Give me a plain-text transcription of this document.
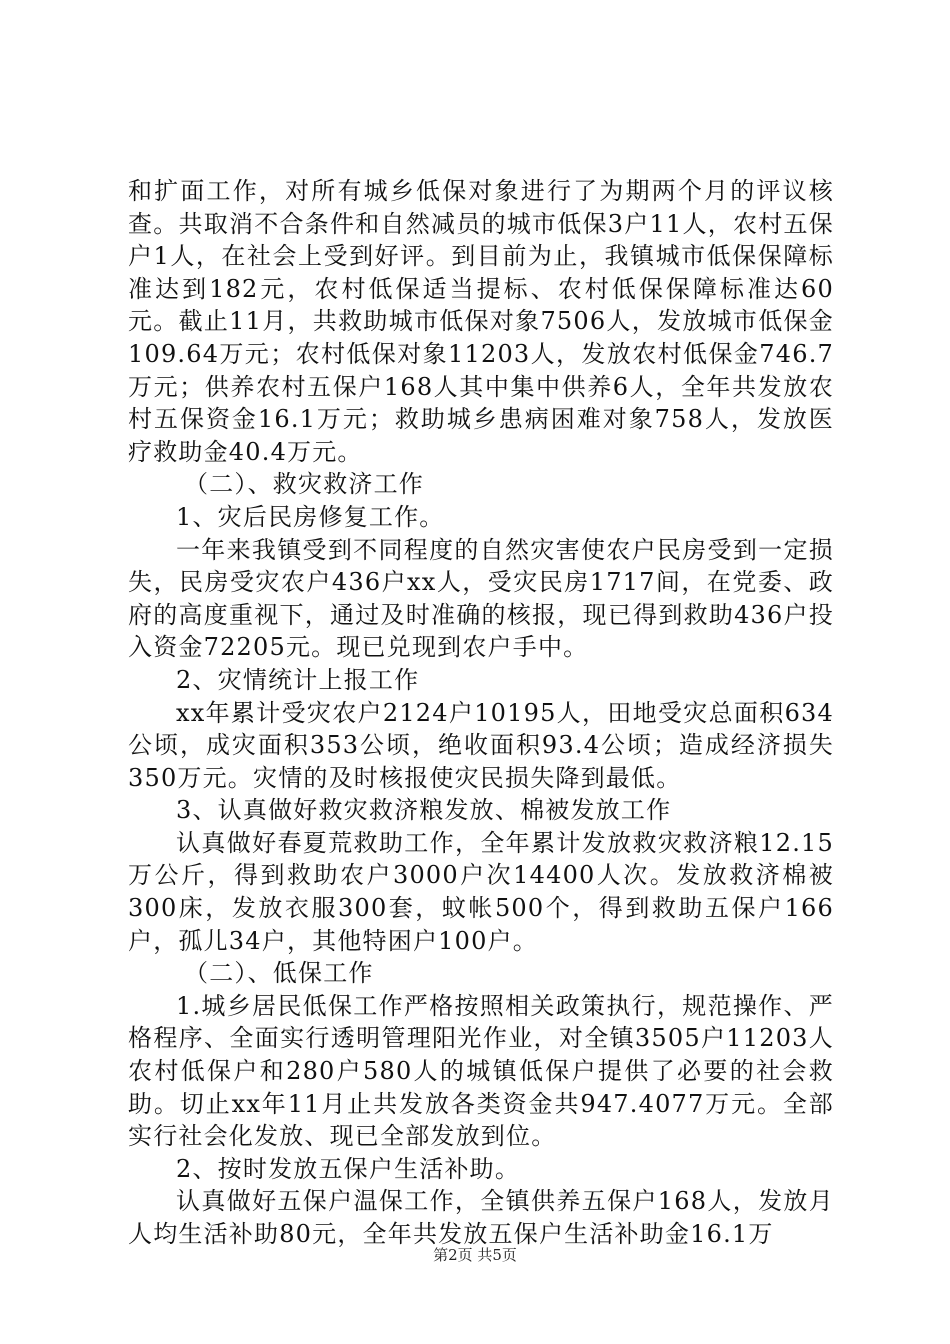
和扩面工作，对所有城乡低保对象进行了为期两个月的评议核查。共取消不合条件和自然减员的城市低保3户11人，农村五保户1人，在社会上受到好评。到目前为止，我镇城市低保保障标准达到182元，农村低保适当提标、农村低保保障标准达60元。截止11月，共救助城市低保对象7506人，发放城市低保金109.64万元；农村低保对象11203人，发放农村低保金746.7万元；供养农村五保户168人其中集中供养6人，全年共发放农村五保资金16.1万元；救助城乡患病困难对象758人，发放医疗救助金40.4万元。

（二）、救灾救济工作

1、灾后民房修复工作。

一年来我镇受到不同程度的自然灾害使农户民房受到一定损失，民房受灾农户436户xx人，受灾民房1717间，在党委、政府的高度重视下，通过及时准确的核报，现已得到救助436户投入资金72205元。现已兑现到农户手中。

2、灾情统计上报工作

xx年累计受灾农户2124户10195人，田地受灾总面积634公顷，成灾面积353公顷，绝收面积93.4公顷；造成经济损失350万元。灾情的及时核报使灾民损失降到最低。

3、认真做好救灾救济粮发放、棉被发放工作

认真做好春夏荒救助工作，全年累计发放救灾救济粮12.15万公斤，得到救助农户3000户次14400人次。发放救济棉被300床，发放衣服300套，蚊帐500个，得到救助五保户166户，孤儿34户，其他特困户100户。

（二）、低保工作

1.城乡居民低保工作严格按照相关政策执行，规范操作、严格程序、全面实行透明管理阳光作业，对全镇3505户11203人农村低保户和280户580人的城镇低保户提供了必要的社会救助。切止xx年11月止共发放各类资金共947.4077万元。全部实行社会化发放、现已全部发放到位。

2、按时发放五保户生活补助。

认真做好五保户温保工作，全镇供养五保户168人，发放月人均生活补助80元，全年共发放五保户生活补助金16.1万

第2页 共5页
